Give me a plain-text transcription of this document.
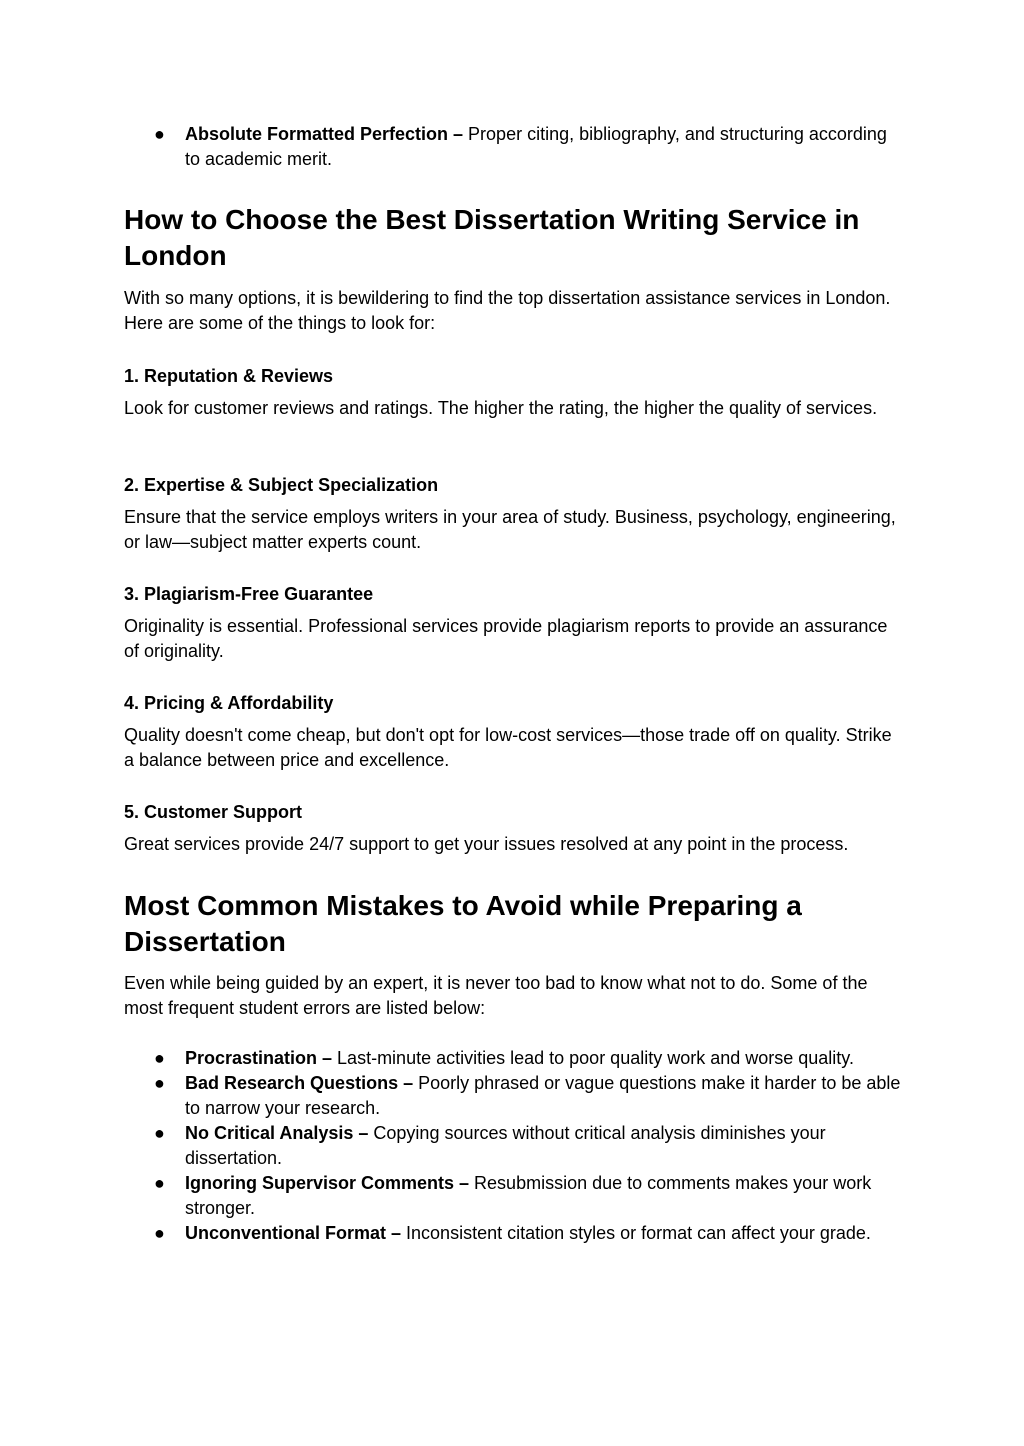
● Absolute Formatted Perfection – Proper citing, bibliography, and structuring according to academic merit.
How to Choose the Best Dissertation Writing Service in London

With so many options, it is bewildering to find the top dissertation assistance services in London. Here are some of the things to look for:

1. Reputation & Reviews

Look for customer reviews and ratings. The higher the rating, the higher the quality of services.

2. Expertise & Subject Specialization

Ensure that the service employs writers in your area of study. Business, psychology, engineering, or law—subject matter experts count.

3. Plagiarism-Free Guarantee

Originality is essential. Professional services provide plagiarism reports to provide an assurance of originality.

4. Pricing & Affordability

Quality doesn't come cheap, but don't opt for low-cost services—those trade off on quality. Strike a balance between price and excellence.

5. Customer Support

Great services provide 24/7 support to get your issues resolved at any point in the process.

Most Common Mistakes to Avoid while Preparing a Dissertation

Even while being guided by an expert, it is never too bad to know what not to do. Some of the most frequent student errors are listed below:

● Procrastination – Last-minute activities lead to poor quality work and worse quality.
● Bad Research Questions – Poorly phrased or vague questions make it harder to be able to narrow your research.
● No Critical Analysis – Copying sources without critical analysis diminishes your dissertation.
● Ignoring Supervisor Comments – Resubmission due to comments makes your work stronger.
● Unconventional Format – Inconsistent citation styles or format can affect your grade.
